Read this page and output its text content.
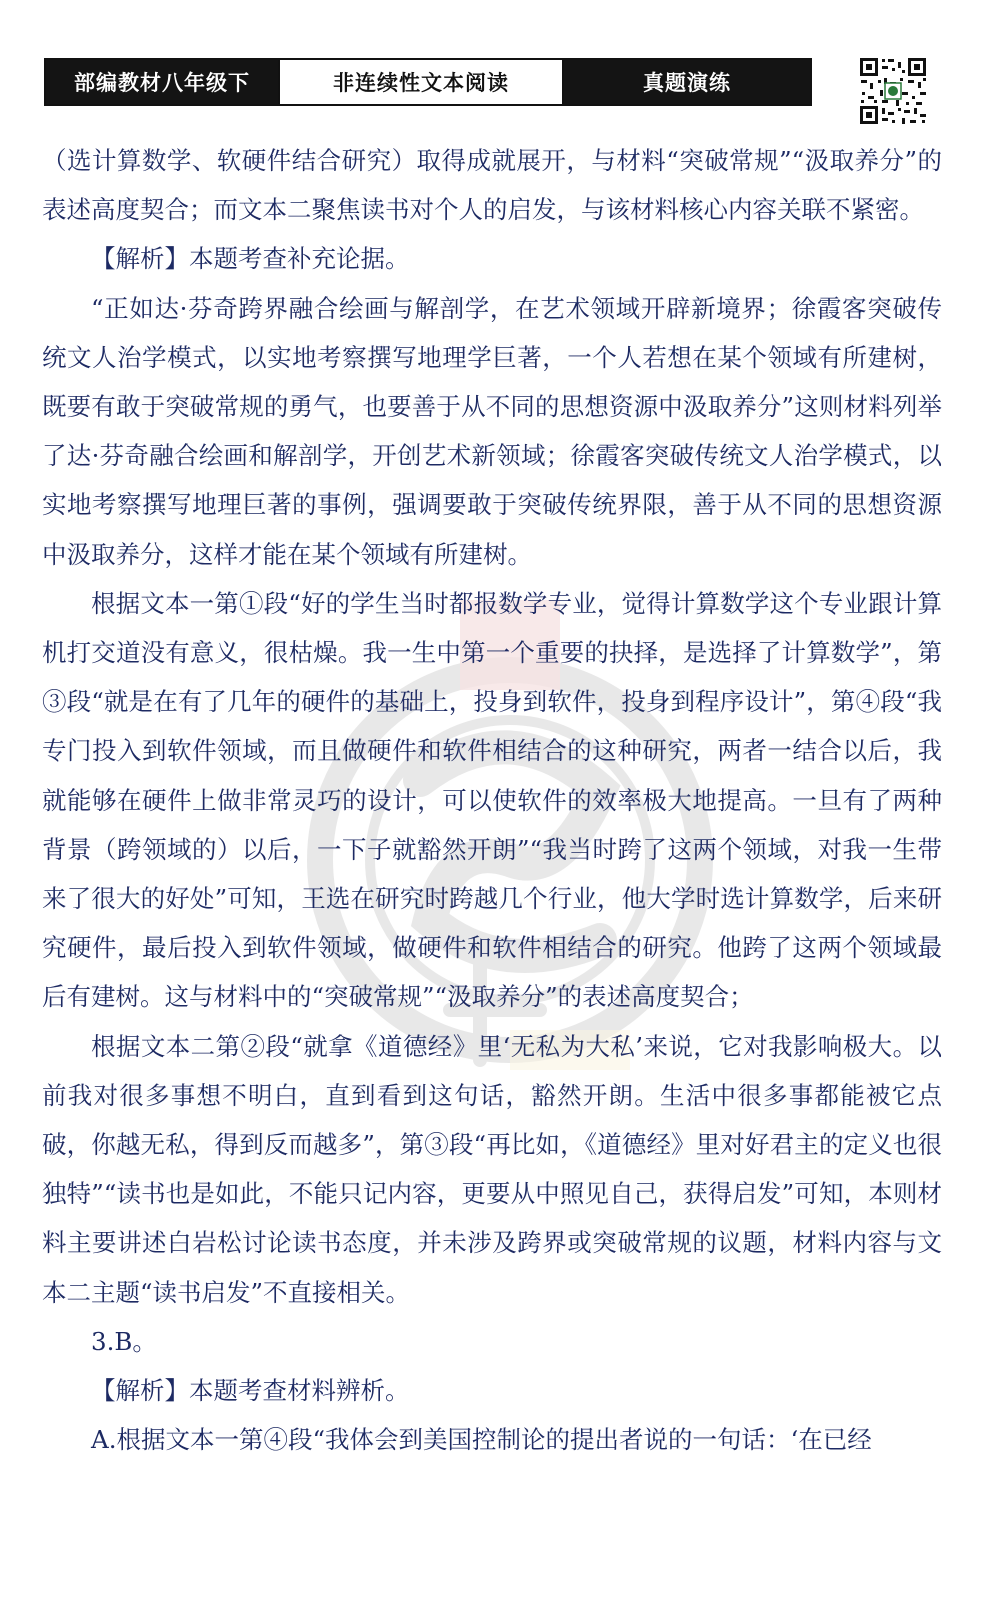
部编教材八年级下	非连续性文本阅读	真题演练

（选计算数学、软硬件结合研究）取得成就展开，与材料“突破常规”“汲取养分”的表述高度契合；而文本二聚焦读书对个人的启发，与该材料核心内容关联不紧密。

【解析】本题考查补充论据。

“正如达·芬奇跨界融合绘画与解剖学，在艺术领域开辟新境界；徐霞客突破传统文人治学模式，以实地考察撰写地理学巨著，一个人若想在某个领域有所建树，既要有敢于突破常规的勇气，也要善于从不同的思想资源中汲取养分”这则材料列举了达·芬奇融合绘画和解剖学，开创艺术新领域；徐霞客突破传统文人治学模式，以实地考察撰写地理巨著的事例，强调要敢于突破传统界限，善于从不同的思想资源中汲取养分，这样才能在某个领域有所建树。

根据文本一第①段“好的学生当时都报数学专业，觉得计算数学这个专业跟计算机打交道没有意义，很枯燥。我一生中第一个重要的抉择，是选择了计算数学”，第③段“就是在有了几年的硬件的基础上，投身到软件，投身到程序设计”，第④段“我专门投入到软件领域，而且做硬件和软件相结合的这种研究，两者一结合以后，我就能够在硬件上做非常灵巧的设计，可以使软件的效率极大地提高。一旦有了两种背景（跨领域的）以后，一下子就豁然开朗”“我当时跨了这两个领域，对我一生带来了很大的好处”可知，王选在研究时跨越几个行业，他大学时选计算数学，后来研究硬件，最后投入到软件领域，做硬件和软件相结合的研究。他跨了这两个领域最后有建树。这与材料中的“突破常规”“汲取养分”的表述高度契合；

根据文本二第②段“就拿《道德经》里‘无私为大私’来说，它对我影响极大。以前我对很多事想不明白，直到看到这句话，豁然开朗。生活中很多事都能被它点破，你越无私，得到反而越多”，第③段“再比如，《道德经》里对好君主的定义也很独特”“读书也是如此，不能只记内容，更要从中照见自己，获得启发”可知，本则材料主要讲述白岩松讨论读书态度，并未涉及跨界或突破常规的议题，材料内容与文本二主题“读书启发”不直接相关。

3.B。

【解析】本题考查材料辨析。

A.根据文本一第④段“我体会到美国控制论的提出者说的一句话：‘在已经
